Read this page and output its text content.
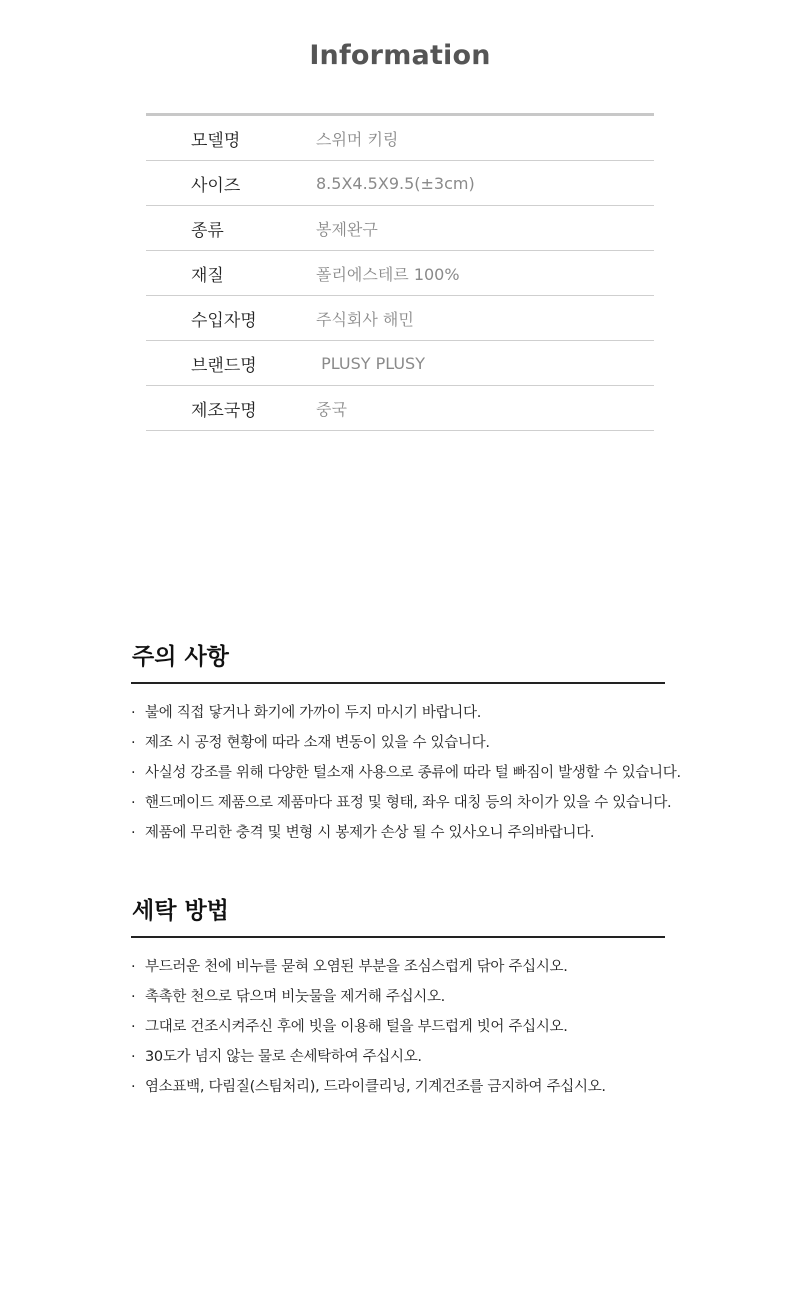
Information
모델명	스위머 키링
사이즈	8.5X4.5X9.5(±3cm)
종류	봉제완구
재질	폴리에스테르 100%
수입자명	주식회사 해민
브랜드명	PLUSY PLUSY
제조국명	중국
주의 사항
· 불에 직접 닿거나 화기에 가까이 두지 마시기 바랍니다.
· 제조 시 공정 현황에 따라 소재 변동이 있을 수 있습니다.
· 사실성 강조를 위해 다양한 털소재 사용으로 종류에 따라 털 빠짐이 발생할 수 있습니다.
· 핸드메이드 제품으로 제품마다 표정 및 형태, 좌우 대칭 등의 차이가 있을 수 있습니다.
· 제품에 무리한 충격 및 변형 시 봉제가 손상 될 수 있사오니 주의바랍니다.
세탁 방법
· 부드러운 천에 비누를 묻혀 오염된 부분을 조심스럽게 닦아 주십시오.
· 촉촉한 천으로 닦으며 비눗물을 제거해 주십시오.
· 그대로 건조시켜주신 후에 빗을 이용해 털을 부드럽게 빗어 주십시오.
· 30도가 넘지 않는 물로 손세탁하여 주십시오.
· 염소표백, 다림질(스팀처리), 드라이클리닝, 기계건조를 금지하여 주십시오.
